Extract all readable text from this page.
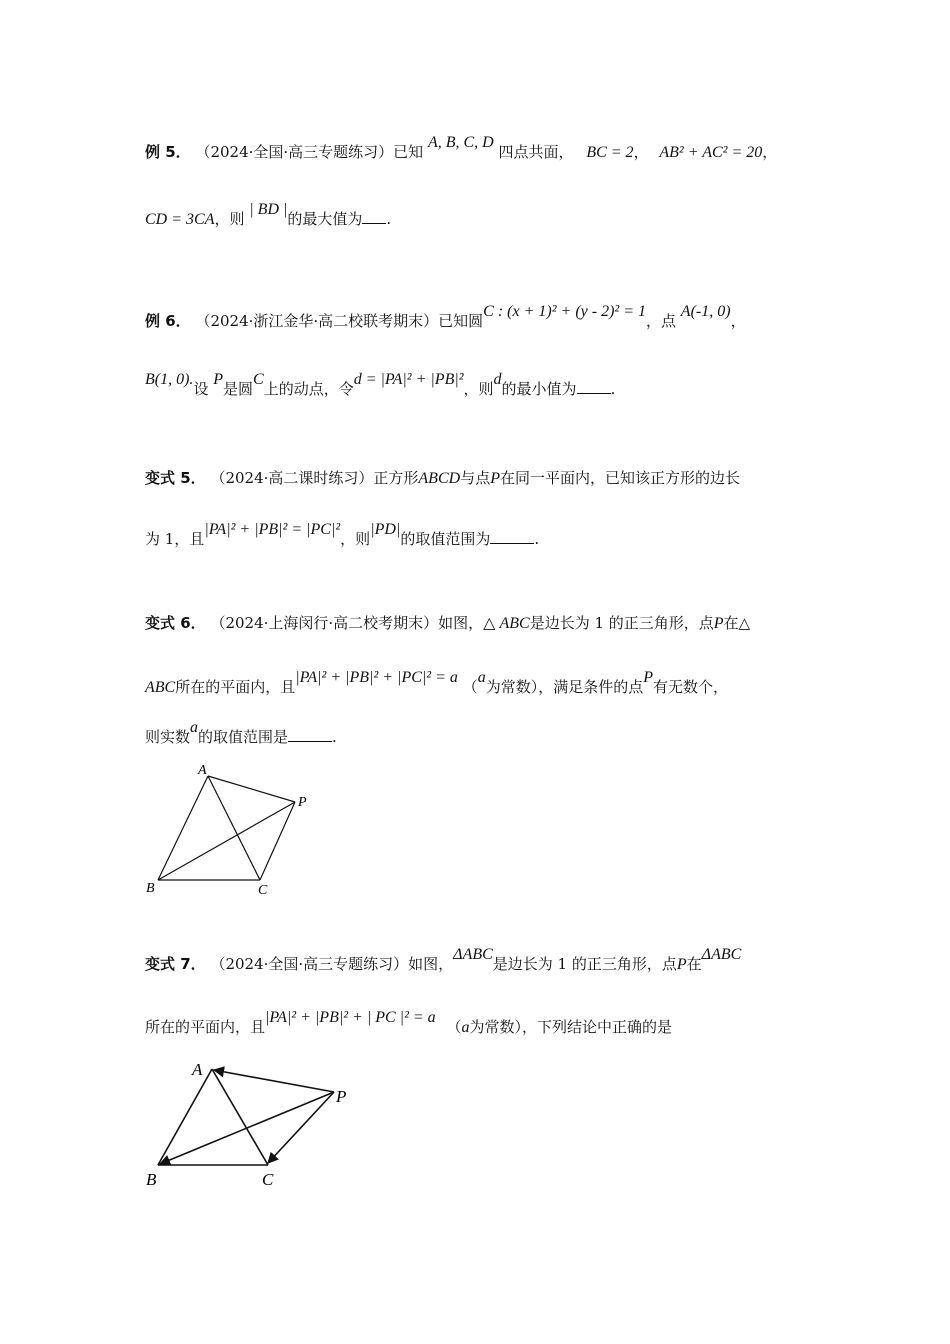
例 5． （2024·全国·高三专题练习）已知 A, B, C, D 四点共面， BC = 2， AB² + AC² = 20，
CD = 3CA，则 | BD |的最大值为 .
例 6． （2024·浙江金华·高二校联考期末）已知圆C : (x + 1)² + (y - 2)² = 1，点 A(-1, 0)，
B(1, 0).设 P是圆C上的动点，令d = |PA|² + |PB|²，则d的最小值为 .
变式 5． （2024·高二课时练习）正方形ABCD与点P在同一平面内，已知该正方形的边长
为 1，且|PA|² + |PB|² = |PC|²，则|PD|的取值范围为	.
变式 6． （2024·上海闵行·高二校考期末）如图，△ ABC是边长为 1 的正三角形，点P在△
ABC所在的平面内，且|PA|² + |PB|² + |PC|² = a （a为常数），满足条件的点P有无数个，
则实数a的取值范围是	.
A
B	C
P
变式 7． （2024·全国·高三专题练习）如图，ΔABC是边长为 1 的正三角形，点P在ΔABC
所在的平面内，且|PA|² + |PB|² + | PC |² = a （a为常数），下列结论中正确的是
A
B	C
P
